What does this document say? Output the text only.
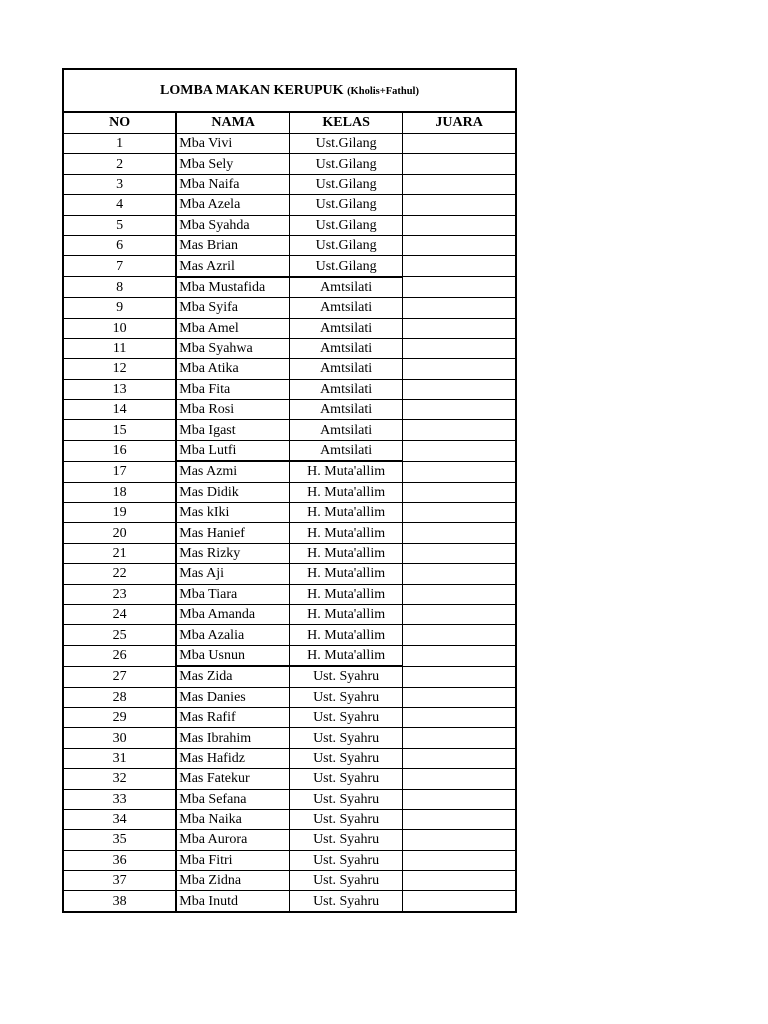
LOMBA MAKAN KERUPUK (Kholis+Fathul)			
NO	NAMA	KELAS	JUARA
1	Mba Vivi	Ust.Gilang	
2	Mba Sely	Ust.Gilang	
3	Mba Naifa	Ust.Gilang	
4	Mba Azela	Ust.Gilang	
5	Mba Syahda	Ust.Gilang	
6	Mas Brian	Ust.Gilang	
7	Mas Azril	Ust.Gilang	
8	Mba Mustafida	Amtsilati	
9	Mba Syifa	Amtsilati	
10	Mba Amel	Amtsilati	
11	Mba Syahwa	Amtsilati	
12	Mba Atika	Amtsilati	
13	Mba Fita	Amtsilati	
14	Mba Rosi	Amtsilati	
15	Mba Igast	Amtsilati	
16	Mba Lutfi	Amtsilati	
17	Mas Azmi	H. Muta'allim	
18	Mas Didik	H. Muta'allim	
19	Mas kIki	H. Muta'allim	
20	Mas Hanief	H. Muta'allim	
21	Mas Rizky	H. Muta'allim	
22	Mas Aji	H. Muta'allim	
23	Mba Tiara	H. Muta'allim	
24	Mba Amanda	H. Muta'allim	
25	Mba Azalia	H. Muta'allim	
26	Mba Usnun	H. Muta'allim	
27	Mas Zida	Ust. Syahru	
28	Mas Danies	Ust. Syahru	
29	Mas Rafif	Ust. Syahru	
30	Mas Ibrahim	Ust. Syahru	
31	Mas Hafidz	Ust. Syahru	
32	Mas Fatekur	Ust. Syahru	
33	Mba Sefana	Ust. Syahru	
34	Mba Naika	Ust. Syahru	
35	Mba Aurora	Ust. Syahru	
36	Mba Fitri	Ust. Syahru	
37	Mba Zidna	Ust. Syahru	
38	Mba Inutd	Ust. Syahru	
